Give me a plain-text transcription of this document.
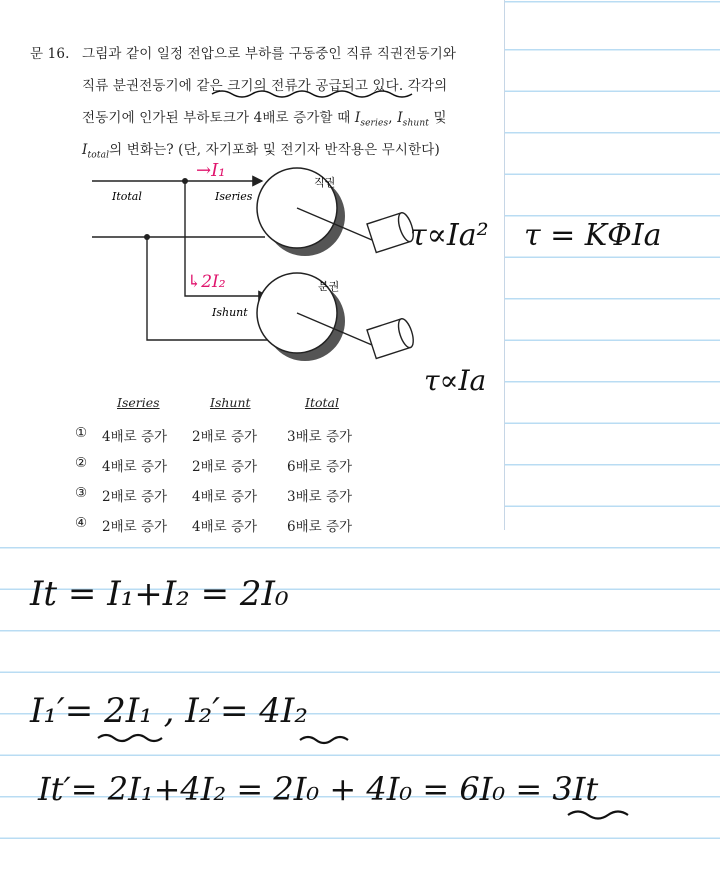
문 16. 그림과 같이 일정 전압으로 부하를 구동중인 직류 직권전동기와
직류 분권전동기에 같은 크기의 전류가 공급되고 있다. 각각의
전동기에 인가된 부하토크가 4배로 증가할 때 $I_{series}$, $I_{shunt}$ 및
$I_{total}$의 변화는? (단, 자기포화 및 전기자 반작용은 무시한다)
Itotal	Iseries
Ishunt
직권
분권
→I₁
↳2I₂
Iseries	Ishunt	Itotal
① 4배로 증가 2배로 증가 3배로 증가
② 4배로 증가 2배로 증가 6배로 증가
③ 2배로 증가 4배로 증가 3배로 증가
④ 2배로 증가 4배로 증가 6배로 증가
τ∝Ia² τ = KΦIa
τ∝Ia
It = I₁+I₂ = 2I₀
I₁′= 2I₁ , I₂′= 4I₂
It′= 2I₁+4I₂ = 2I₀ + 4I₀ = 6I₀ = 3It
